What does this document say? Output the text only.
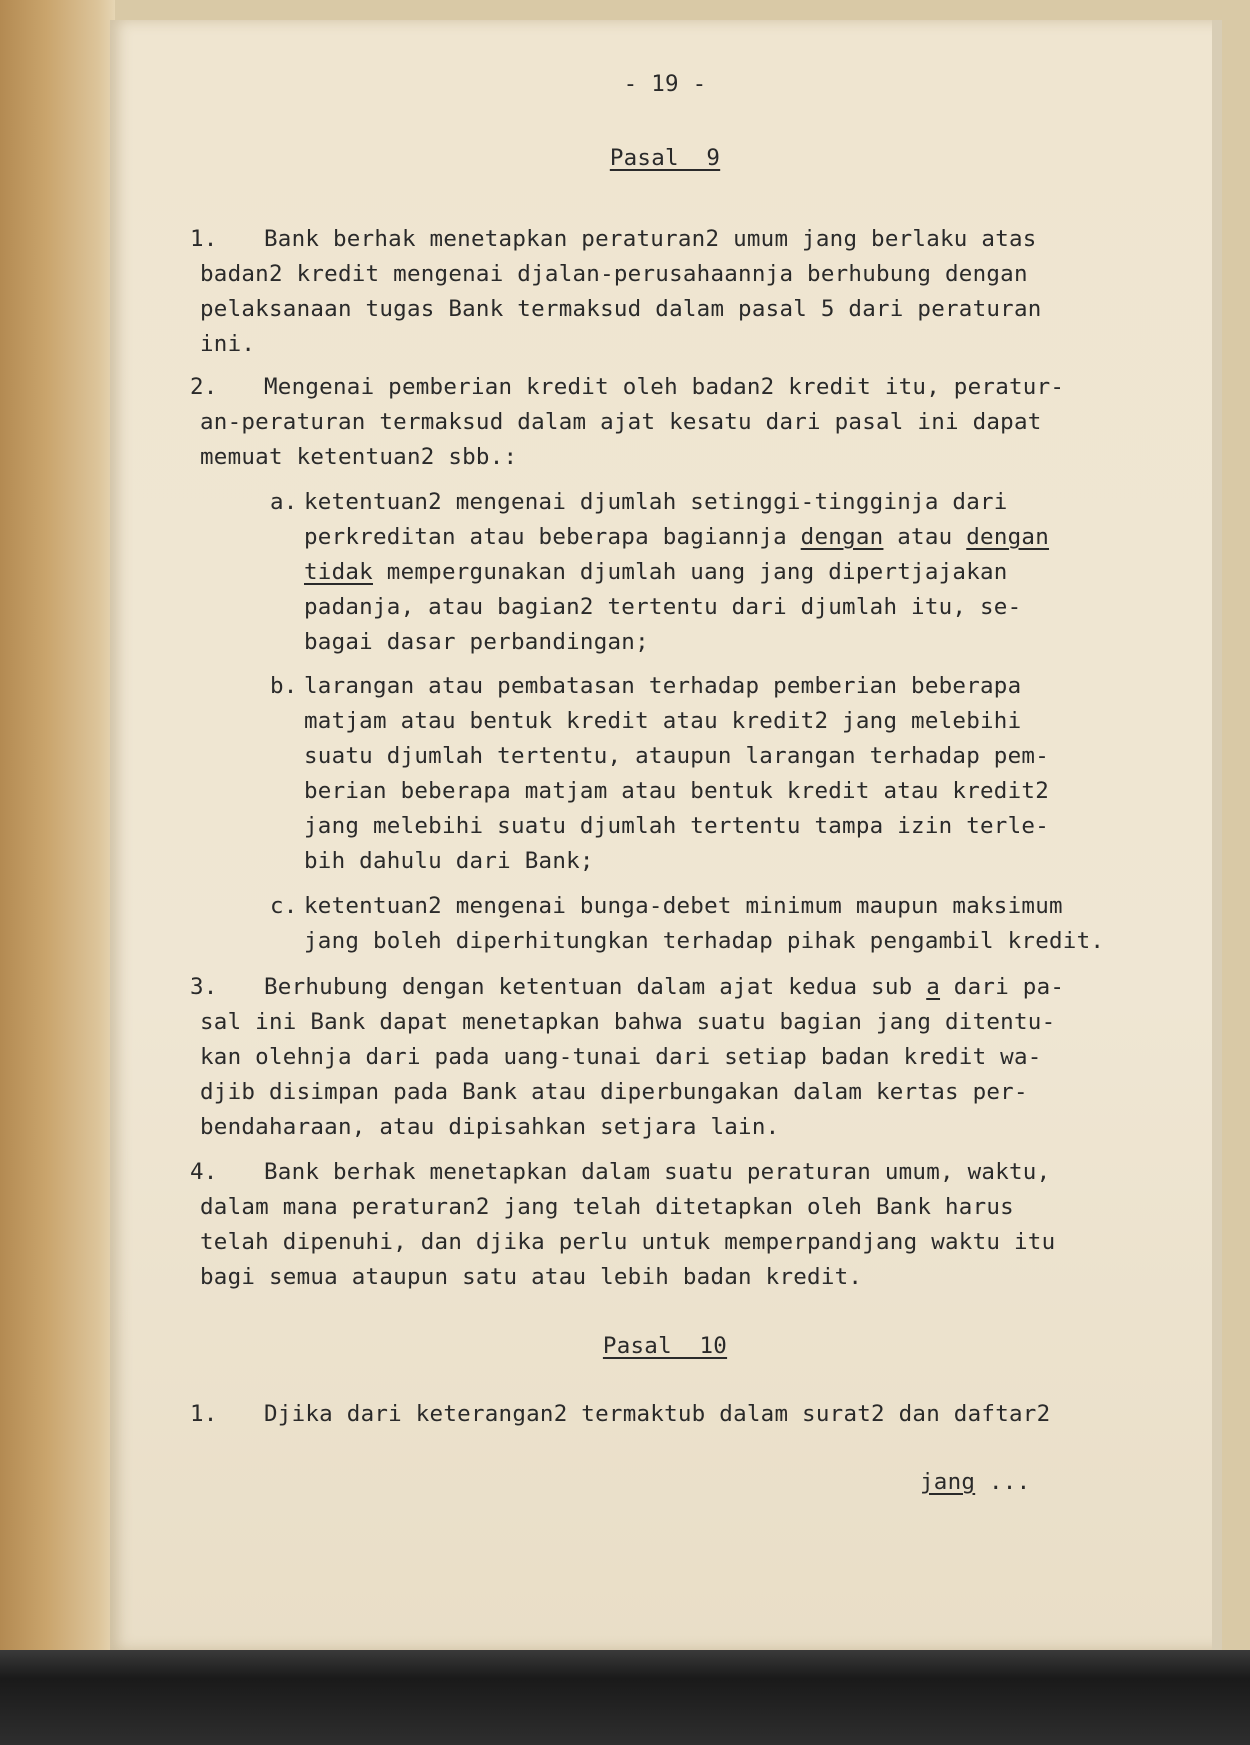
- 19 -
Pasal  9
1. Bank berhak menetapkan peraturan2 umum jang berlaku atas
badan2 kredit mengenai djalan-perusahaannja berhubung dengan
pelaksanaan tugas Bank termaksud dalam pasal 5 dari peraturan
ini.
2. Mengenai pemberian kredit oleh badan2 kredit itu, peratur-
an-peraturan termaksud dalam ajat kesatu dari pasal ini dapat
memuat ketentuan2 sbb.:
a. ketentuan2 mengenai djumlah setinggi-tingginja dari
perkreditan atau beberapa bagiannja dengan atau dengan
tidak mempergunakan djumlah uang jang dipertjajakan
padanja, atau bagian2 tertentu dari djumlah itu, se-
bagai dasar perbandingan;
b. larangan atau pembatasan terhadap pemberian beberapa
matjam atau bentuk kredit atau kredit2 jang melebihi
suatu djumlah tertentu, ataupun larangan terhadap pem-
berian beberapa matjam atau bentuk kredit atau kredit2
jang melebihi suatu djumlah tertentu tampa izin terle-
bih dahulu dari Bank;
c. ketentuan2 mengenai bunga-debet minimum maupun maksimum
jang boleh diperhitungkan terhadap pihak pengambil kredit.
3. Berhubung dengan ketentuan dalam ajat kedua sub a dari pa-
sal ini Bank dapat menetapkan bahwa suatu bagian jang ditentu-
kan olehnja dari pada uang-tunai dari setiap badan kredit wa-
djib disimpan pada Bank atau diperbungakan dalam kertas per-
bendaharaan, atau dipisahkan setjara lain.
4. Bank berhak menetapkan dalam suatu peraturan umum, waktu,
dalam mana peraturan2 jang telah ditetapkan oleh Bank harus
telah dipenuhi, dan djika perlu untuk memperpandjang waktu itu
bagi semua ataupun satu atau lebih badan kredit.
Pasal  10
1. Djika dari keterangan2 termaktub dalam surat2 dan daftar2
jang ...
